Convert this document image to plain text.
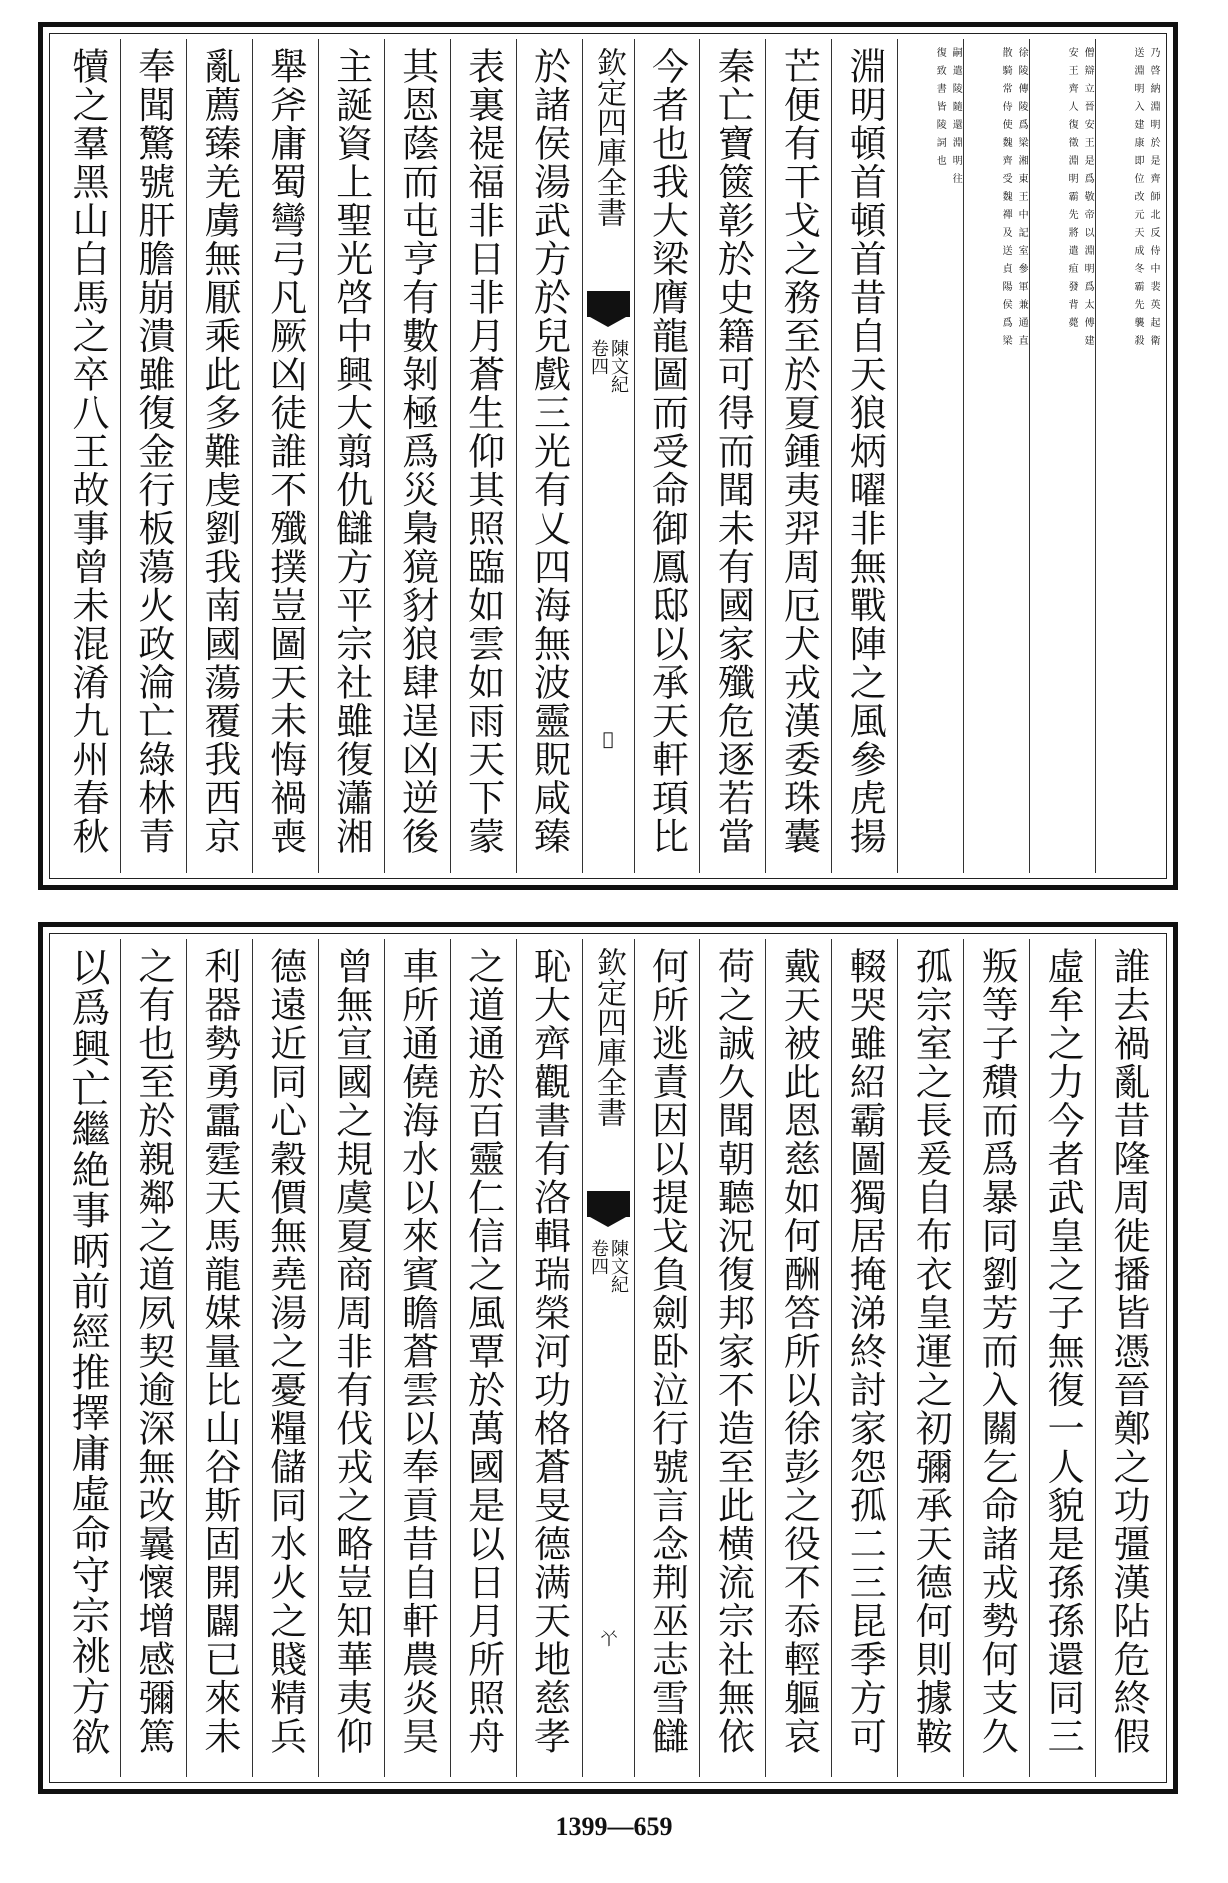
乃啓納淵明於是齊師北反侍中裴英起衛
送淵明入建康即位改元天成冬霸先襲殺
僧辯立晉安王是爲敬帝以淵明爲太傅建
安王齊人復徵淵明霸先將遣疽發背薨
徐陵傳陵爲梁湘東王中記室參軍兼通直
散騎常侍使魏齊受魏禪及送貞陽侯爲梁
嗣遣陵隨還淵明往
復致書皆陵詞也
淵明頓首頓首昔自天狼炳曜非無戰陣之風參虎揚
芒便有干戈之務至於夏鍾夷羿周厄犬戎漢委珠囊
秦亡寶篋彰於史籍可得而聞未有國家殲危逐若當
今者也我大梁膺龍圖而受命御鳳邸以承天軒頊比
欽定四庫全書
陳文紀
卷四
𠀆
於諸侯湯武方於兒戲三光有乂四海無波靈貺咸臻
表裏禔福非日非月蒼生仰其照臨如雲如雨天下蒙
其恩蔭而屯亨有數剝極爲災梟獍豺狼肆逞凶逆後
主誕資上聖光啓中興大翦仇讎方平宗社雖復瀟湘
舉斧庸蜀彎弓凡厥凶徒誰不殲撲豈圖天未悔禍喪
亂薦臻羌虜無厭乘此多難虔劉我南國蕩覆我西京
奉聞驚號肝膽崩潰雖復金行板蕩火政淪亡綠林青
犢之羣黑山白馬之卒八王故事曾未混淆九州春秋
誰去禍亂昔隆周徙播皆憑晉鄭之功彊漢阽危終假
虛牟之力今者武皇之子無復一人貌是孫孫還同三
叛等子穨而爲暴同劉芳而入關乞命諸戎勢何支久
孤宗室之長爰自布衣皇運之初彌承天德何則據鞍
輟哭雖紹霸圖獨居掩涕終討家怨孤二三昆季方可
戴天被此恩慈如何酬答所以徐彭之役不忝輕軀哀
荷之誠久聞朝聽況復邦家不造至此横流宗社無依
何所逃責因以提戈負劍卧泣行號言念荆巫志雪讎
欽定四庫全書
陳文紀
卷四
𠁥
恥大齊觀書有洛輯瑞榮河功格蒼旻德满天地慈孝
之道通於百靈仁信之風覃於萬國是以日月所照舟
車所通僥海水以來賓瞻蒼雲以奉貢昔自軒農炎昊
曾無宣國之規虞夏商周非有伐戎之略豈知華夷仰
德遠近同心穀價無堯湯之憂糧儲同水火之賤精兵
利器勢勇靁霆天馬龍媒量比山谷斯固開闢已來未
之有也至於親鄰之道夙契逾深無改曩懷增感彌篤
以爲興亡繼絶事昞前經推擇庸虛命守宗祧方欲
1399—659
